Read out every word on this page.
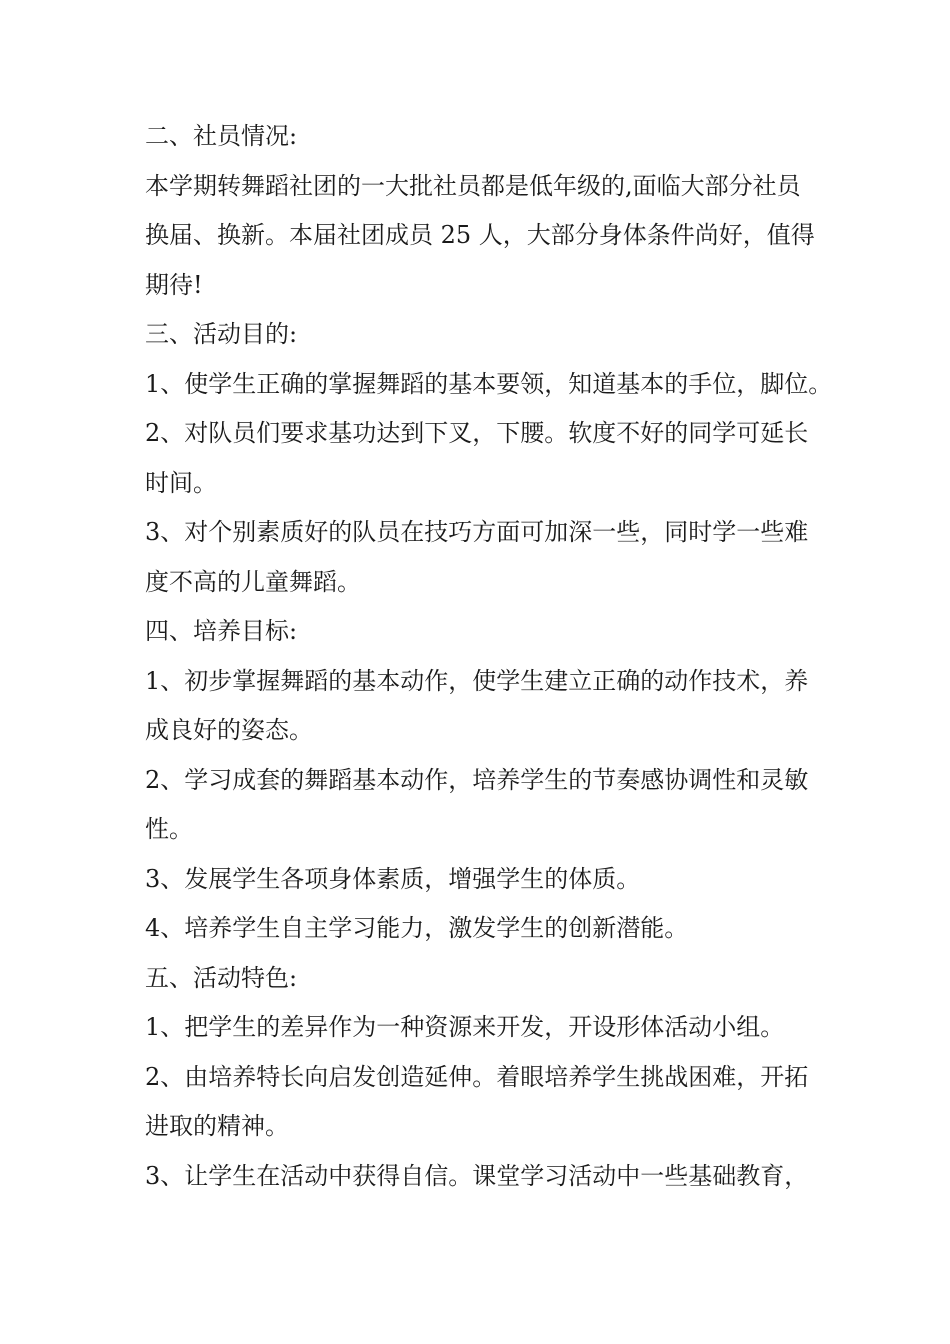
二、社员情况:

本学期转舞蹈社团的一大批社员都是低年级的,面临大部分社员

换届、换新。本届社团成员 25 人，大部分身体条件尚好，值得

期待!

三、活动目的:

1、使学生正确的掌握舞蹈的基本要领，知道基本的手位，脚位。

2、对队员们要求基功达到下叉，下腰。软度不好的同学可延长

时间。

3、对个别素质好的队员在技巧方面可加深一些，同时学一些难

度不高的儿童舞蹈。

四、培养目标:

1、初步掌握舞蹈的基本动作，使学生建立正确的动作技术，养

成良好的姿态。

2、学习成套的舞蹈基本动作，培养学生的节奏感协调性和灵敏

性。

3、发展学生各项身体素质，增强学生的体质。

4、培养学生自主学习能力，激发学生的创新潜能。

五、活动特色:

1、把学生的差异作为一种资源来开发，开设形体活动小组。

2、由培养特长向启发创造延伸。着眼培养学生挑战困难，开拓

进取的精神。

3、让学生在活动中获得自信。课堂学习活动中一些基础教育，
